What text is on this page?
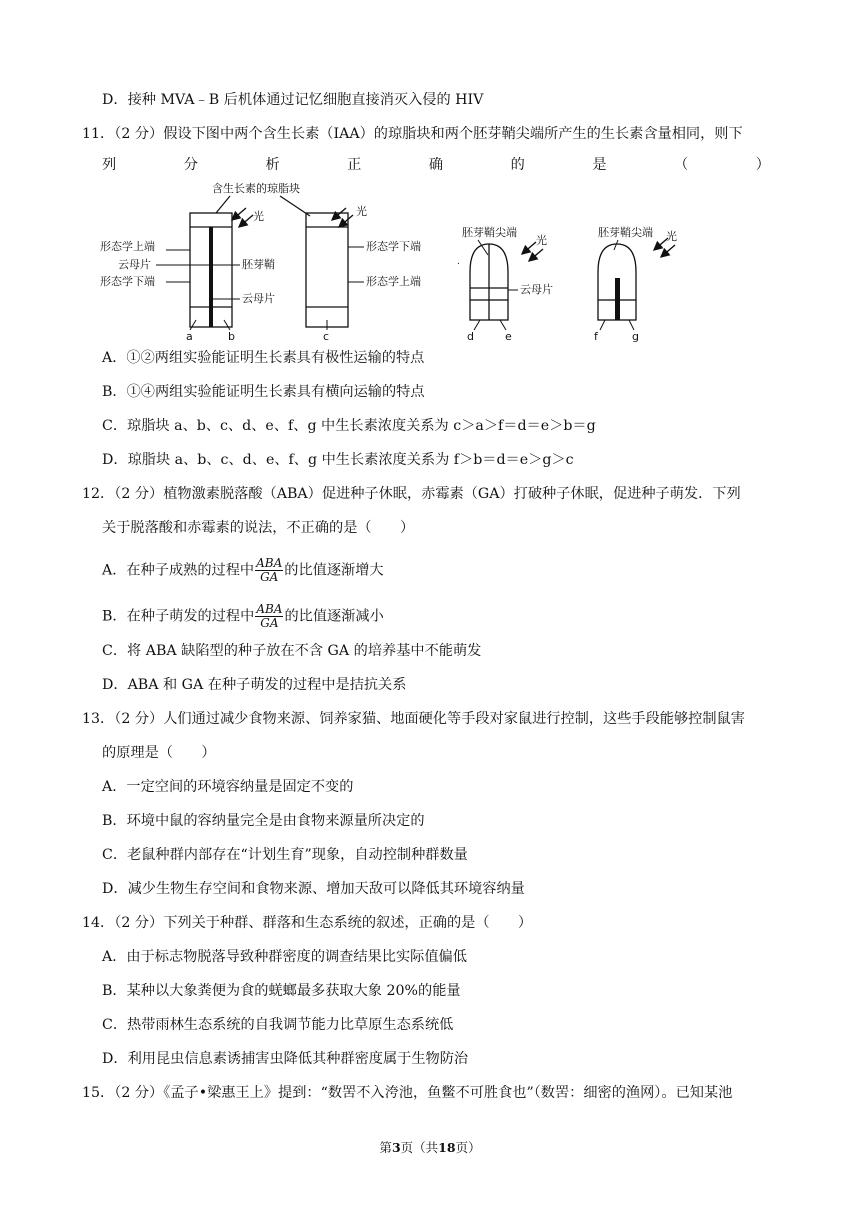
D．接种 MVA﹣B 后机体通过记忆细胞直接消灭入侵的 HIV
11．（2 分）假设下图中两个含生长素（IAA）的琼脂块和两个胚芽鞘尖端所产生的生长素含量相同，则下
列	分	析	正	确	的	是	（	）
含生长素的琼脂块
光
形态学上端
云母片
形态学下端
胚芽鞘
云母片
a	b
光
形态学下端
形态学上端
c
胚芽鞘尖端
光
.
云母片
d	e
胚芽鞘尖端 光
f	g
A．①②两组实验能证明生长素具有极性运输的特点
B．①④两组实验能证明生长素具有横向运输的特点
C．琼脂块 a、b、c、d、e、f、g 中生长素浓度关系为 c＞a＞f＝d＝e＞b＝g
D．琼脂块 a、b、c、d、e、f、g 中生长素浓度关系为 f＞b＝d＝e＞g＞c
12．（2 分）植物激素脱落酸（ABA）促进种子休眠，赤霉素（GA）打破种子休眠，促进种子萌发．下列
关于脱落酸和赤霉素的说法，不正确的是（　　）
A．在种子成熟的过程中 $\frac{\text{ABA}}{GA}$ 的比值逐渐增大
B．在种子萌发的过程中 $\frac{\text{ABA}}{GA}$ 的比值逐渐减小
C．将 ABA 缺陷型的种子放在不含 GA 的培养基中不能萌发
D．ABA 和 GA 在种子萌发的过程中是拮抗关系
13．（2 分）人们通过减少食物来源、饲养家猫、地面硬化等手段对家鼠进行控制，这些手段能够控制鼠害
的原理是（　　）
A．一定空间的环境容纳量是固定不变的
B．环境中鼠的容纳量完全是由食物来源量所决定的
C．老鼠种群内部存在“计划生育”现象，自动控制种群数量
D．减少生物生存空间和食物来源、增加天敌可以降低其环境容纳量
14．（2 分）下列关于种群、群落和生态系统的叙述，正确的是（　　）
A．由于标志物脱落导致种群密度的调查结果比实际值偏低
B．某种以大象粪便为食的蜣螂最多获取大象 20%的能量
C．热带雨林生态系统的自我调节能力比草原生态系统低
D．利用昆虫信息素诱捕害虫降低其种群密度属于生物防治
15．（2 分）《孟子•梁惠王上》提到：“数罟不入洿池，鱼鳖不可胜食也”（数罟：细密的渔网）。已知某池
第3页（共18页）
